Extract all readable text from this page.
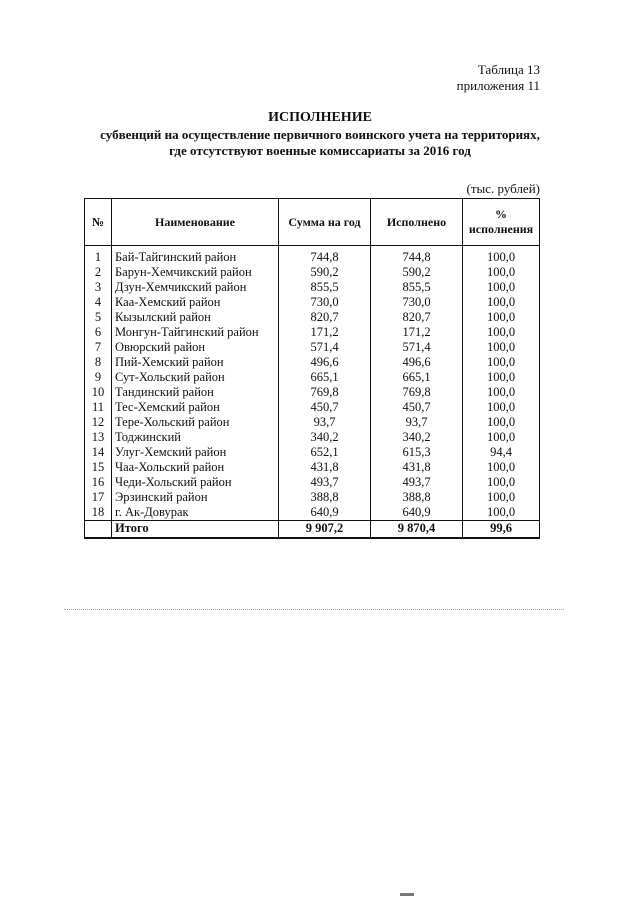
Таблица 13
приложения 11
ИСПОЛНЕНИЕ
субвенций на осуществление первичного воинского учета на территориях,
где отсутствуют военные комиссариаты за 2016 год
(тыс. рублей)
№	Наименование	Сумма на год	Исполнено	% исполнения
1	Бай-Тайгинский район	744,8	744,8	100,0
2	Барун-Хемчикский район	590,2	590,2	100,0
3	Дзун-Хемчикский район	855,5	855,5	100,0
4	Каа-Хемский район	730,0	730,0	100,0
5	Кызылский район	820,7	820,7	100,0
6	Монгун-Тайгинский район	171,2	171,2	100,0
7	Овюрский район	571,4	571,4	100,0
8	Пий-Хемский район	496,6	496,6	100,0
9	Сут-Хольский район	665,1	665,1	100,0
10	Тандинский район	769,8	769,8	100,0
11	Тес-Хемский район	450,7	450,7	100,0
12	Тере-Хольский район	93,7	93,7	100,0
13	Тоджинский	340,2	340,2	100,0
14	Улуг-Хемский район	652,1	615,3	94,4
15	Чаа-Хольский район	431,8	431,8	100,0
16	Чеди-Хольский район	493,7	493,7	100,0
17	Эрзинский район	388,8	388,8	100,0
18	г. Ак-Довурак	640,9	640,9	100,0
	Итого	9 907,2	9 870,4	99,6
